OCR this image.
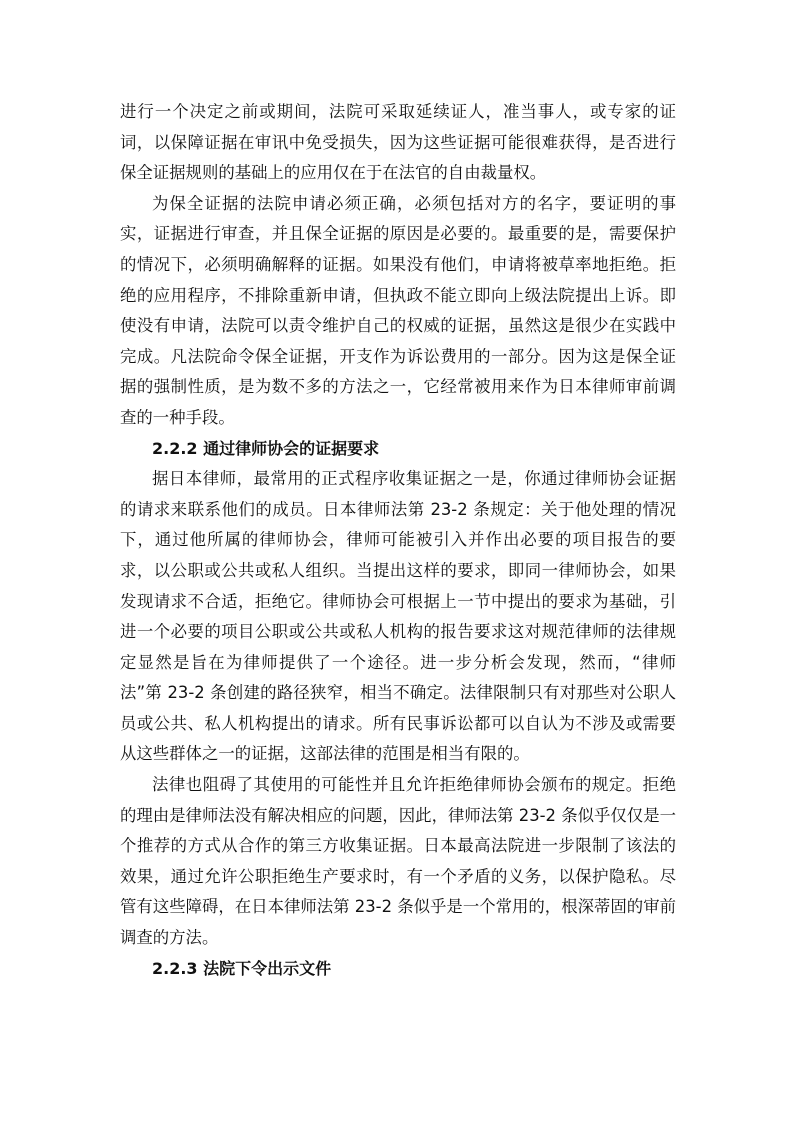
进行一个决定之前或期间，法院可采取延续证人，准当事人，或专家的证词，以保障证据在审讯中免受损失，因为这些证据可能很难获得，是否进行保全证据规则的基础上的应用仅在于在法官的自由裁量权。

为保全证据的法院申请必须正确，必须包括对方的名字，要证明的事实，证据进行审查，并且保全证据的原因是必要的。最重要的是，需要保护的情况下，必须明确解释的证据。如果没有他们，申请将被草率地拒绝。拒绝的应用程序，不排除重新申请，但执政不能立即向上级法院提出上诉。即使没有申请，法院可以责令维护自己的权威的证据，虽然这是很少在实践中完成。凡法院命令保全证据，开支作为诉讼费用的一部分。因为这是保全证据的强制性质，是为数不多的方法之一，它经常被用来作为日本律师审前调查的一种手段。

2.2.2 通过律师协会的证据要求

据日本律师，最常用的正式程序收集证据之一是，你通过律师协会证据的请求来联系他们的成员。日本律师法第 23-2 条规定：关于他处理的情况下，通过他所属的律师协会，律师可能被引入并作出必要的项目报告的要求，以公职或公共或私人组织。当提出这样的要求，即同一律师协会，如果发现请求不合适，拒绝它。律师协会可根据上一节中提出的要求为基础，引进一个必要的项目公职或公共或私人机构的报告要求这对规范律师的法律规定显然是旨在为律师提供了一个途径。进一步分析会发现，然而，“律师法”第 23-2 条创建的路径狭窄，相当不确定。法律限制只有对那些对公职人员或公共、私人机构提出的请求。所有民事诉讼都可以自认为不涉及或需要从这些群体之一的证据，这部法律的范围是相当有限的。

法律也阻碍了其使用的可能性并且允许拒绝律师协会颁布的规定。拒绝的理由是律师法没有解决相应的问题，因此，律师法第 23-2 条似乎仅仅是一个推荐的方式从合作的第三方收集证据。日本最高法院进一步限制了该法的效果，通过允许公职拒绝生产要求时，有一个矛盾的义务，以保护隐私。尽管有这些障碍，在日本律师法第 23-2 条似乎是一个常用的，根深蒂固的审前调查的方法。

2.2.3 法院下令出示文件
